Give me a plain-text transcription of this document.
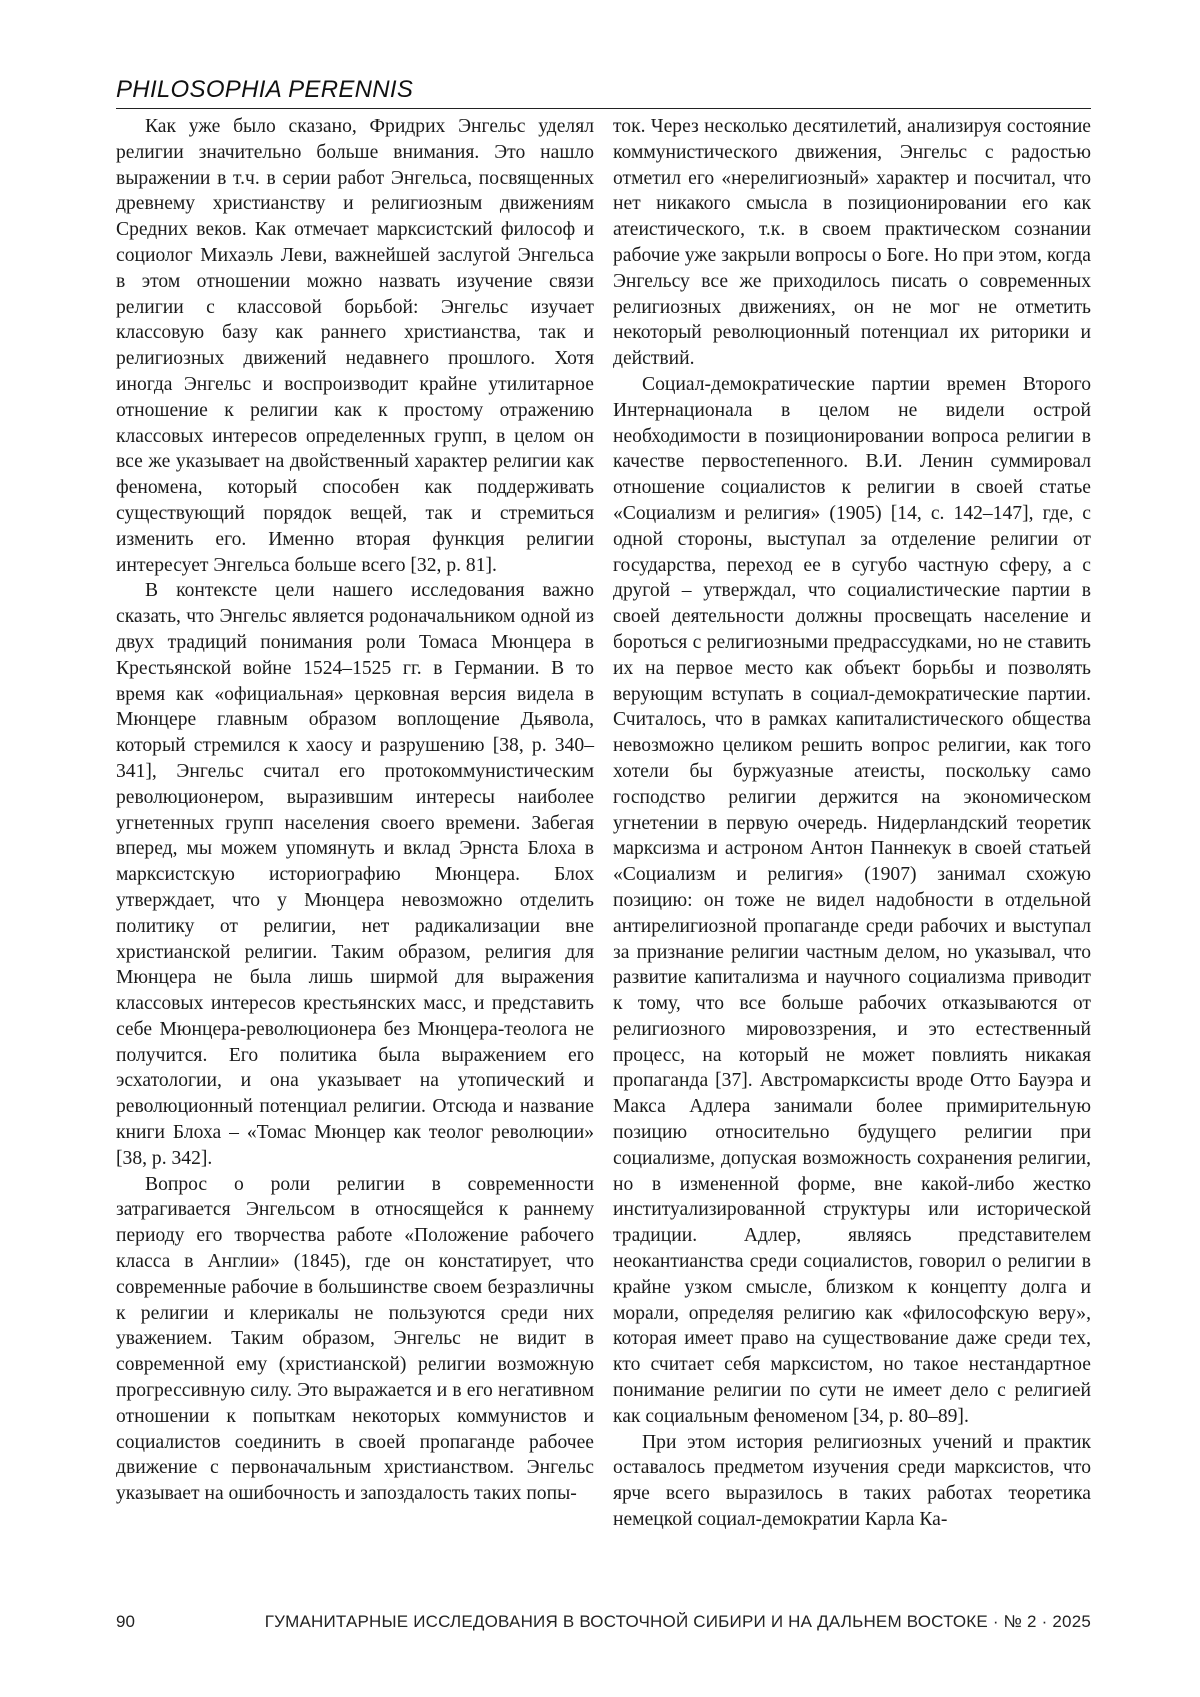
PHILOSOPHIA PERENNIS

Как уже было сказано, Фридрих Энгельс уделял религии значительно больше внимания. Это нашло выражении в т.ч. в серии работ Энгельса, посвященных древнему христианству и религиозным движениям Средних веков. Как отмечает марксистский философ и социолог Михаэль Леви, важнейшей заслугой Энгельса в этом отношении можно назвать изучение связи религии с классовой борьбой: Энгельс изучает классовую базу как раннего христианства, так и религиозных движений недавнего прошлого. Хотя иногда Энгельс и воспроизводит крайне утилитарное отношение к религии как к простому отражению классовых интересов определенных групп, в целом он все же указывает на двойственный характер религии как феномена, который способен как поддерживать существующий порядок вещей, так и стремиться изменить его. Именно вторая функция религии интересует Энгельса больше всего [32, p. 81].

В контексте цели нашего исследования важно сказать, что Энгельс является родоначальником одной из двух традиций понимания роли Томаса Мюнцера в Крестьянской войне 1524–1525 гг. в Германии. В то время как «официальная» церковная версия видела в Мюнцере главным образом воплощение Дьявола, который стремился к хаосу и разрушению [38, p. 340–341], Энгельс считал его протокоммунистическим революционером, выразившим интересы наиболее угнетенных групп населения своего времени. Забегая вперед, мы можем упомянуть и вклад Эрнста Блоха в марксистскую историографию Мюнцера. Блох утверждает, что у Мюнцера невозможно отделить политику от религии, нет радикализации вне христианской религии. Таким образом, религия для Мюнцера не была лишь ширмой для выражения классовых интересов крестьянских масс, и представить себе Мюнцера-революционера без Мюнцера-теолога не получится. Его политика была выражением его эсхатологии, и она указывает на утопический и революционный потенциал религии. Отсюда и название книги Блоха – «Томас Мюнцер как теолог революции» [38, p. 342].

Вопрос о роли религии в современности затрагивается Энгельсом в относящейся к раннему периоду его творчества работе «Положение рабочего класса в Англии» (1845), где он констатирует, что современные рабочие в большинстве своем безразличны к религии и клерикалы не пользуются среди них уважением. Таким образом, Энгельс не видит в современной ему (христианской) религии возможную прогрессивную силу. Это выражается и в его негативном отношении к попыткам некоторых коммунистов и социалистов соединить в своей пропаганде рабочее движение с первоначальным христианством. Энгельс указывает на ошибочность и запоздалость таких попы-

ток. Через несколько десятилетий, анализируя состояние коммунистического движения, Энгельс с радостью отметил его «нерелигиозный» характер и посчитал, что нет никакого смысла в позиционировании его как атеистического, т.к. в своем практическом сознании рабочие уже закрыли вопросы о Боге. Но при этом, когда Энгельсу все же приходилось писать о современных религиозных движениях, он не мог не отметить некоторый революционный потенциал их риторики и действий.

Социал-демократические партии времен Второго Интернационала в целом не видели острой необходимости в позиционировании вопроса религии в качестве первостепенного. В.И. Ленин суммировал отношение социалистов к религии в своей статье «Социализм и религия» (1905) [14, с. 142–147], где, с одной стороны, выступал за отделение религии от государства, переход ее в сугубо частную сферу, а с другой – утверждал, что социалистические партии в своей деятельности должны просвещать население и бороться с религиозными предрассудками, но не ставить их на первое место как объект борьбы и позволять верующим вступать в социал-демократические партии. Считалось, что в рамках капиталистического общества невозможно целиком решить вопрос религии, как того хотели бы буржуазные атеисты, поскольку само господство религии держится на экономическом угнетении в первую очередь. Нидерландский теоретик марксизма и астроном Антон Паннекук в своей статьей «Социализм и религия» (1907) занимал схожую позицию: он тоже не видел надобности в отдельной антирелигиозной пропаганде среди рабочих и выступал за признание религии частным делом, но указывал, что развитие капитализма и научного социализма приводит к тому, что все больше рабочих отказываются от религиозного мировоззрения, и это естественный процесс, на который не может повлиять никакая пропаганда [37]. Австромарксисты вроде Отто Бауэра и Макса Адлера занимали более примирительную позицию относительно будущего религии при социализме, допуская возможность сохранения религии, но в измененной форме, вне какой-либо жестко институализированной структуры или исторической традиции. Адлер, являясь представителем неокантианства среди социалистов, говорил о религии в крайне узком смысле, близком к концепту долга и морали, определяя религию как «философскую веру», которая имеет право на существование даже среди тех, кто считает себя марксистом, но такое нестандартное понимание религии по сути не имеет дело с религией как социальным феноменом [34, p. 80–89].

При этом история религиозных учений и практик оставалось предметом изучения среди марксистов, что ярче всего выразилось в таких работах теоретика немецкой социал-демократии Карла Ка-

90	ГУМАНИТАРНЫЕ ИССЛЕДОВАНИЯ В ВОСТОЧНОЙ СИБИРИ И НА ДАЛЬНЕМ ВОСТОКЕ · № 2 · 2025
